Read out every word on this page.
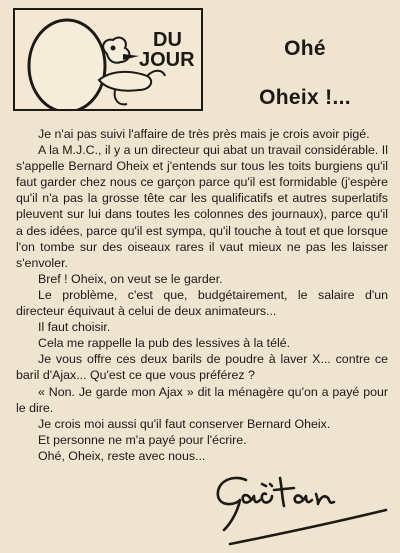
DU
JOUR	Ohé
Oheix !...

Je n'ai pas suivi l'affaire de très près mais je crois avoir pigé.

A la M.J.C., il y a un directeur qui abat un travail considérable. Il s'appelle Bernard Oheix et j'entends sur tous les toits burgiens qu'il faut garder chez nous ce garçon parce qu'il est formidable (j'espère qu'il n'a pas la grosse tête car les qualificatifs et autres superlatifs pleuvent sur lui dans toutes les colonnes des journaux), parce qu'il a des idées, parce qu'il est sympa, qu'il touche à tout et que lorsque l'on tombe sur des oiseaux rares il vaut mieux ne pas les laisser s'envoler.

Bref ! Oheix, on veut se le garder.

Le problème, c'est que, budgétairement, le salaire d'un directeur équivaut à celui de deux animateurs...

Il faut choisir.

Cela me rappelle la pub des lessives à la télé.

Je vous offre ces deux barils de poudre à laver X... contre ce baril d'Ajax... Qu'est ce que vous préférez ?

« Non. Je garde mon Ajax » dit la ménagère qu'on a payé pour le dire.

Je crois moi aussi qu'il faut conserver Bernard Oheix.

Et personne ne m'a payé pour l'écrire.

Ohé, Oheix, reste avec nous...

Gaëtan
